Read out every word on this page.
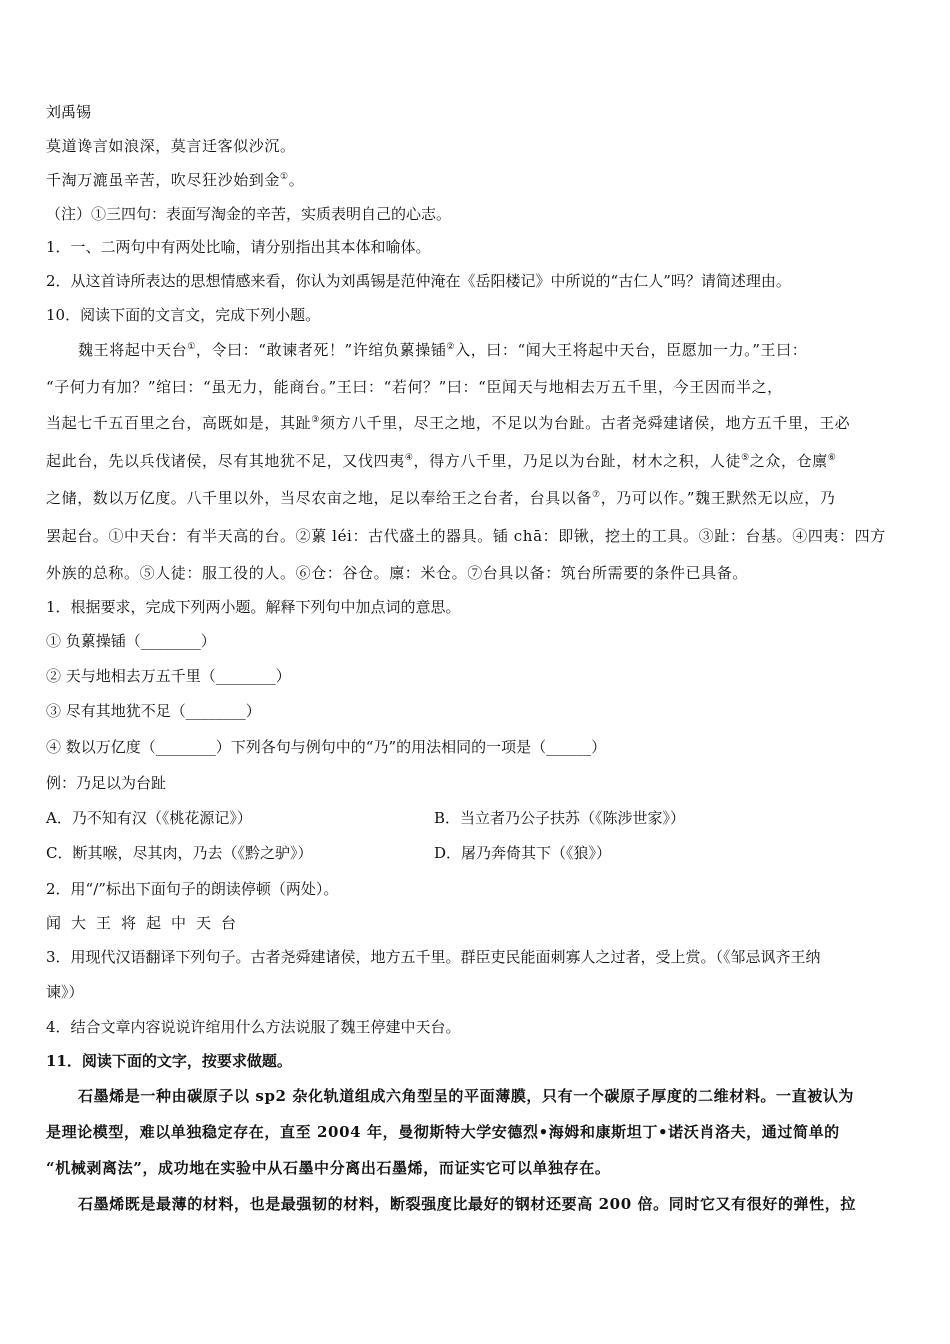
刘禹锡
莫道谗言如浪深，莫言迁客似沙沉。
千淘万漉虽辛苦，吹尽狂沙始到金①。
（注）①三四句：表面写淘金的辛苦，实质表明自己的心志。
1．一、二两句中有两处比喻，请分别指出其本体和喻体。
2．从这首诗所表达的思想情感来看，你认为刘禹锡是范仲淹在《岳阳楼记》中所说的“古仁人”吗？请简述理由。
10．阅读下面的文言文，完成下列小题。
魏王将起中天台①，令曰：“敢谏者死！”许绾负蔂操锸②入，曰：“闻大王将起中天台，臣愿加一力。”王曰：
“子何力有加？”绾曰：“虽无力，能商台。”王曰：“若何？”曰：“臣闻天与地相去万五千里，今王因而半之，
当起七千五百里之台，高既如是，其趾③须方八千里，尽王之地，不足以为台趾。古者尧舜建诸侯，地方五千里，王必
起此台，先以兵伐诸侯，尽有其地犹不足，又伐四夷④，得方八千里，乃足以为台趾，材木之积，人徒⑤之众，仓廪⑥
之储，数以万亿度。八千里以外，当尽农亩之地，足以奉给王之台者，台具以备⑦，乃可以作。”魏王默然无以应，乃
罢起台。①中天台：有半天高的台。②蔂 léi：古代盛土的器具。锸 chā：即锹，挖土的工具。③趾：台基。④四夷：四方
外族的总称。⑤人徒：服工役的人。⑥仓：谷仓。廪：米仓。⑦台具以备：筑台所需要的条件已具备。
1．根据要求，完成下列两小题。解释下列句中加点词的意思。
① 负蔂操锸（________）
② 天与地相去万五千里（________）
③ 尽有其地犹不足（________）
④ 数以万亿度（________）下列各句与例句中的“乃”的用法相同的一项是（______）
例：乃足以为台趾
A．乃不知有汉（《桃花源记》）	B．当立者乃公子扶苏（《陈涉世家》）
C．断其喉，尽其肉，乃去（《黔之驴》）	D．屠乃奔倚其下（《狼》）
2．用“/”标出下面句子的朗读停顿（两处）。
闻大王将起中天台
3．用现代汉语翻译下列句子。古者尧舜建诸侯，地方五千里。群臣吏民能面刺寡人之过者，受上赏。（《邹忌讽齐王纳
谏》）
4．结合文章内容说说许绾用什么方法说服了魏王停建中天台。
11．阅读下面的文字，按要求做题。
石墨烯是一种由碳原子以 sp2 杂化轨道组成六角型呈的平面薄膜，只有一个碳原子厚度的二维材料。一直被认为
是理论模型，难以单独稳定存在，直至 2004 年，曼彻斯特大学安德烈•海姆和康斯坦丁•诺沃肖洛夫，通过简单的
“机械剥离法”，成功地在实验中从石墨中分离出石墨烯，而证实它可以单独存在。
石墨烯既是最薄的材料，也是最强韧的材料，断裂强度比最好的钢材还要高 200 倍。同时它又有很好的弹性，拉
